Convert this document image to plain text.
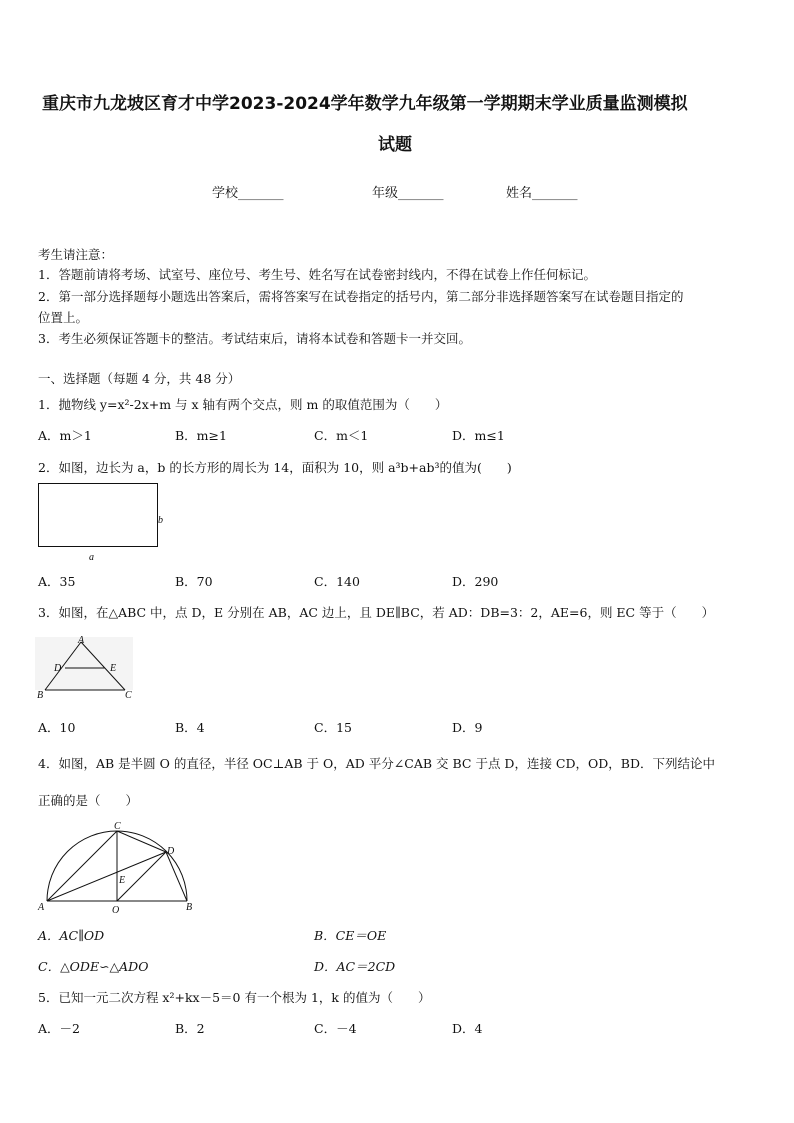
重庆市九龙坡区育才中学2023-2024学年数学九年级第一学期期末学业质量监测模拟
试题
学校_______	年级_______	姓名_______
考生请注意：
1．答题前请将考场、试室号、座位号、考生号、姓名写在试卷密封线内，不得在试卷上作任何标记。
2．第一部分选择题每小题选出答案后，需将答案写在试卷指定的括号内，第二部分非选择题答案写在试卷题目指定的
位置上。
3．考生必须保证答题卡的整洁。考试结束后，请将本试卷和答题卡一并交回。
一、选择题（每题 4 分，共 48 分）
1．抛物线 y=x²-2x+m 与 x 轴有两个交点，则 m 的取值范围为（　　）
A．m＞1	B．m≥1	C．m＜1	D．m≤1
2．如图，边长为 a，b 的长方形的周长为 14，面积为 10，则 a³b+ab³的值为(　　)
b
a
A．35	B．70	C．140	D．290
3．如图，在△ABC 中，点 D，E 分别在 AB，AC 边上，且 DE∥BC，若 AD：DB=3：2，AE=6，则 EC 等于（　　）
A
D	E
B	C
A．10	B．4	C．15	D．9
4．如图，AB 是半圆 O 的直径，半径 OC⊥AB 于 O，AD 平分∠CAB 交 BC 于点 D，连接 CD，OD，BD．下列结论中
正确的是（　　）
C
D
E
A	O	B
A．AC∥OD	B．CE＝OE
C．△ODE∽△ADO	D．AC＝2CD
5．已知一元二次方程 x²+kx－5＝0 有一个根为 1，k 的值为（　　）
A．－2	B．2	C．－4	D．4
